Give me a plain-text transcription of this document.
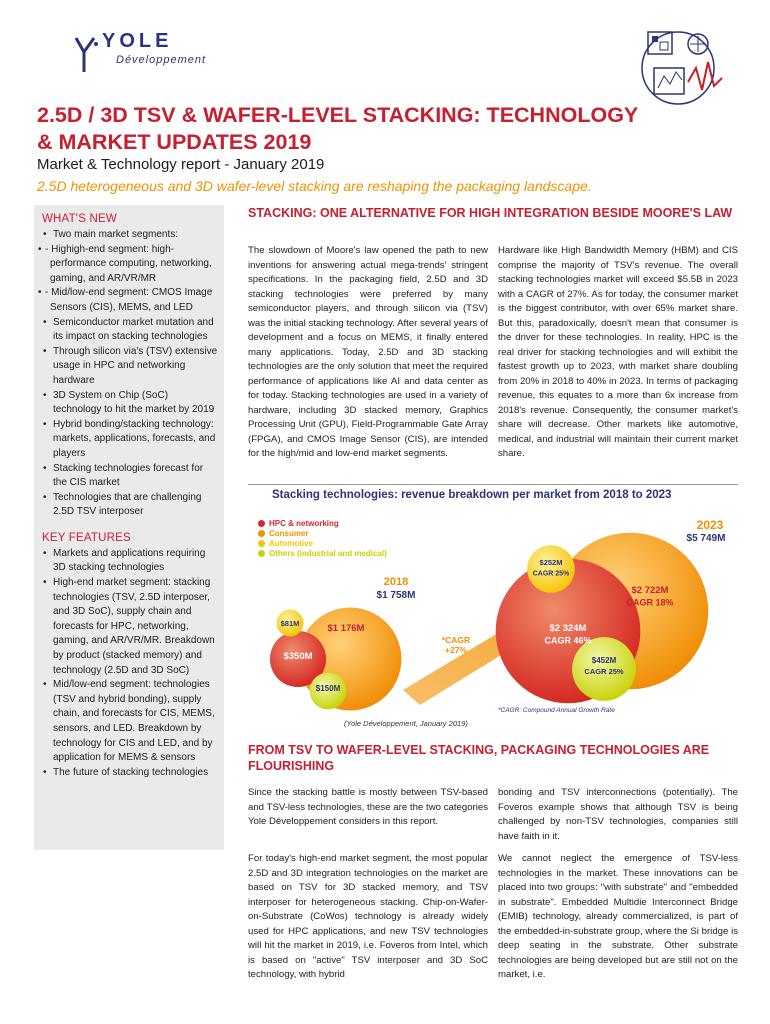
YOLE
Développement
2.5D / 3D TSV & WAFER-LEVEL STACKING: TECHNOLOGY & MARKET UPDATES 2019
Market & Technology report - January 2019
2.5D heterogeneous and 3D wafer-level stacking are reshaping the packaging landscape.
WHAT'S NEW
• Two main market segments:
• - Highigh-end segment: high-performance computing, networking, gaming, and AR/VR/MR
• - Mid/low-end segment: CMOS Image Sensors (CIS), MEMS, and LED
• Semiconductor market mutation and its impact on stacking technologies
• Through silicon via's (TSV) extensive usage in HPC and networking hardware
• 3D System on Chip (SoC) technology to hit the market by 2019
• Hybrid bonding/stacking technology: markets, applications, forecasts, and players
• Stacking technologies forecast for the CIS market
• Technologies that are challenging 2.5D TSV interposer
KEY FEATURES
• Markets and applications requiring 3D stacking technologies
• High-end market segment: stacking technologies (TSV, 2.5D interposer, and 3D SoC), supply chain and forecasts for HPC, networking, gaming, and AR/VR/MR. Breakdown by product (stacked memory) and technology (2.5D and 3D SoC)
• Mid/low-end segment: technologies (TSV and hybrid bonding), supply chain, and forecasts for CIS, MEMS, sensors, and LED. Breakdown by technology for CIS and LED, and by application for MEMS & sensors
• The future of stacking technologies
STACKING: ONE ALTERNATIVE FOR HIGH INTEGRATION BESIDE MOORE'S LAW
The slowdown of Moore's law opened the path to new inventions for answering actual mega-trends' stringent specifications. In the packaging field, 2.5D and 3D stacking technologies were preferred by many semiconductor players, and through silicon via (TSV) was the initial stacking technology. After several years of development and a focus on MEMS, it finally entered many applications. Today, 2.5D and 3D stacking technologies are the only solution that meet the required performance of applications like AI and data center as for today. Stacking technologies are used in a variety of hardware, including 3D stacked memory, Graphics Processing Unit (GPU), Field-Programmable Gate Array (FPGA), and CMOS Image Sensor (CIS), are intended for the high/mid and low-end market segments.
Hardware like High Bandwidth Memory (HBM) and CIS comprise the majority of TSV's revenue. The overall stacking technologies market will exceed $5.5B in 2023 with a CAGR of 27%. As for today, the consumer market is the biggest contributor, with over 65% market share. But this, paradoxically, doesn't mean that consumer is the driver for these technologies. In reality, HPC is the real driver for stacking technologies and will exhibit the fastest growth up to 2023, with market share doubling from 20% in 2018 to 40% in 2023. In terms of packaging revenue, this equates to a more than 6x increase from 2018's revenue. Consequently, the consumer market's share will decrease. Other markets like automotive, medical, and industrial will maintain their current market share.
Stacking technologies: revenue breakdown per market from 2018 to 2023
HPC & networking
Consumer
Automotive
Others (industrial and medical)
$1 176M
$350M
$150M
$81M
$2 722M
CAGR 18%
$2 324M
CAGR 46%
$452M
CAGR 25%
$252M
CAGR 25%
2018
$1 758M
2023
$5 749M
*CAGR
+27%
*CAGR: Compound Annual Growth Rate
(Yole Développement, January 2019)
FROM TSV TO WAFER-LEVEL STACKING, PACKAGING TECHNOLOGIES ARE FLOURISHING
Since the stacking battle is mostly between TSV-based and TSV-less technologies, these are the two categories Yole Développement considers in this report.
For today's high-end market segment, the most popular 2.5D and 3D integration technologies on the market are based on TSV for 3D stacked memory, and TSV interposer for heterogeneous stacking. Chip-on-Wafer-on-Substrate (CoWos) technology is already widely used for HPC applications, and new TSV technologies will hit the market in 2019, i.e. Foveros from Intel, which is based on "active" TSV interposer and 3D SoC technology, with hybrid
bonding and TSV interconnections (potentially). The Foveros example shows that although TSV is being challenged by non-TSV technologies, companies still have faith in it.
We cannot neglect the emergence of TSV-less technologies in the market. These innovations can be placed into two groups: "with substrate" and "embedded in substrate". Embedded Multidie Interconnect Bridge (EMIB) technology, already commercialized, is part of the embedded-in-substrate group, where the Si bridge is deep seating in the substrate. Other substrate technologies are being developed but are still not on the market, i.e.
